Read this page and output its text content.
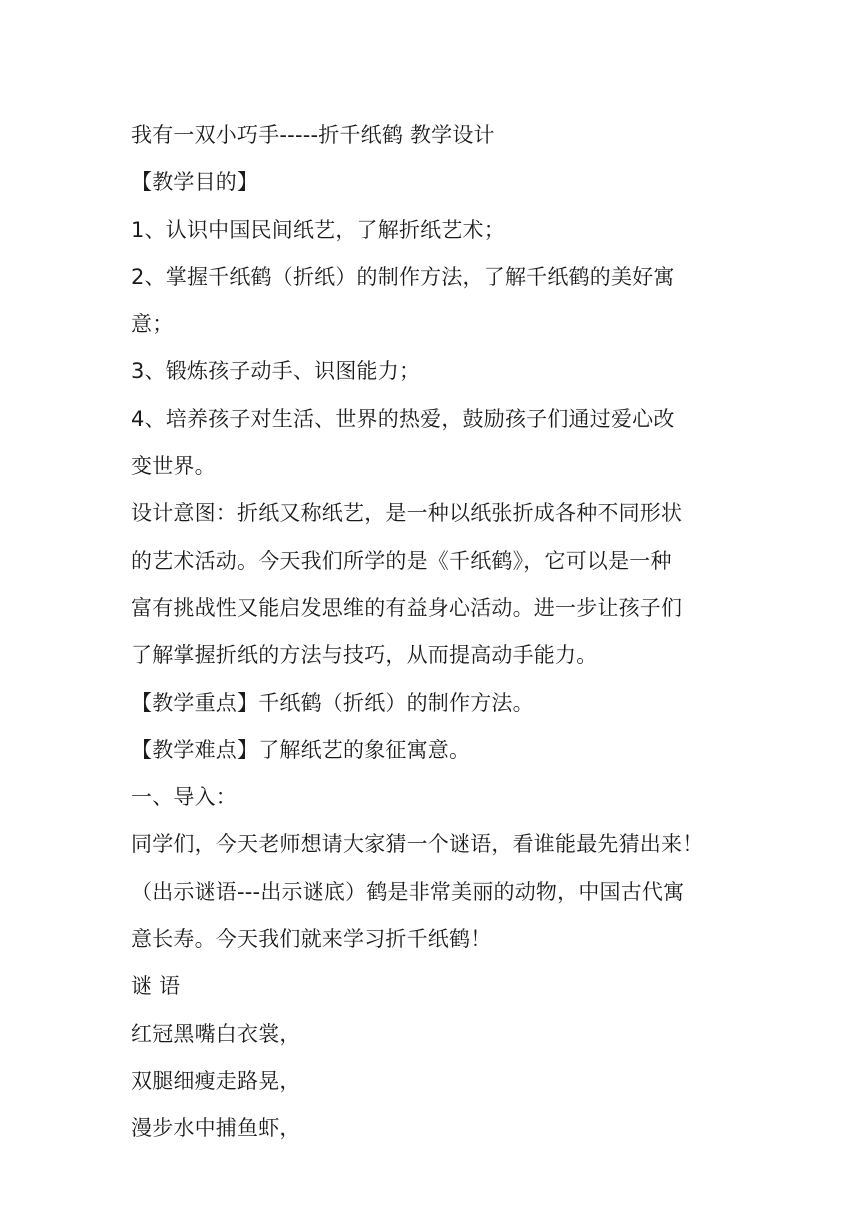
我有一双小巧手-----折千纸鹤 教学设计
【教学目的】
1、认识中国民间纸艺，了解折纸艺术；
2、掌握千纸鹤（折纸）的制作方法，了解千纸鹤的美好寓
意；
3、锻炼孩子动手、识图能力；
4、培养孩子对生活、世界的热爱，鼓励孩子们通过爱心改
变世界。
设计意图：折纸又称纸艺，是一种以纸张折成各种不同形状
的艺术活动。今天我们所学的是《千纸鹤》，它可以是一种
富有挑战性又能启发思维的有益身心活动。进一步让孩子们
了解掌握折纸的方法与技巧，从而提高动手能力。
【教学重点】千纸鹤（折纸）的制作方法。
【教学难点】了解纸艺的象征寓意。
一、导入：
同学们，今天老师想请大家猜一个谜语，看谁能最先猜出来！
（出示谜语---出示谜底）鹤是非常美丽的动物，中国古代寓
意长寿。今天我们就来学习折千纸鹤！
谜 语
红冠黑嘴白衣裳，
双腿细瘦走路晃，
漫步水中捕鱼虾，
